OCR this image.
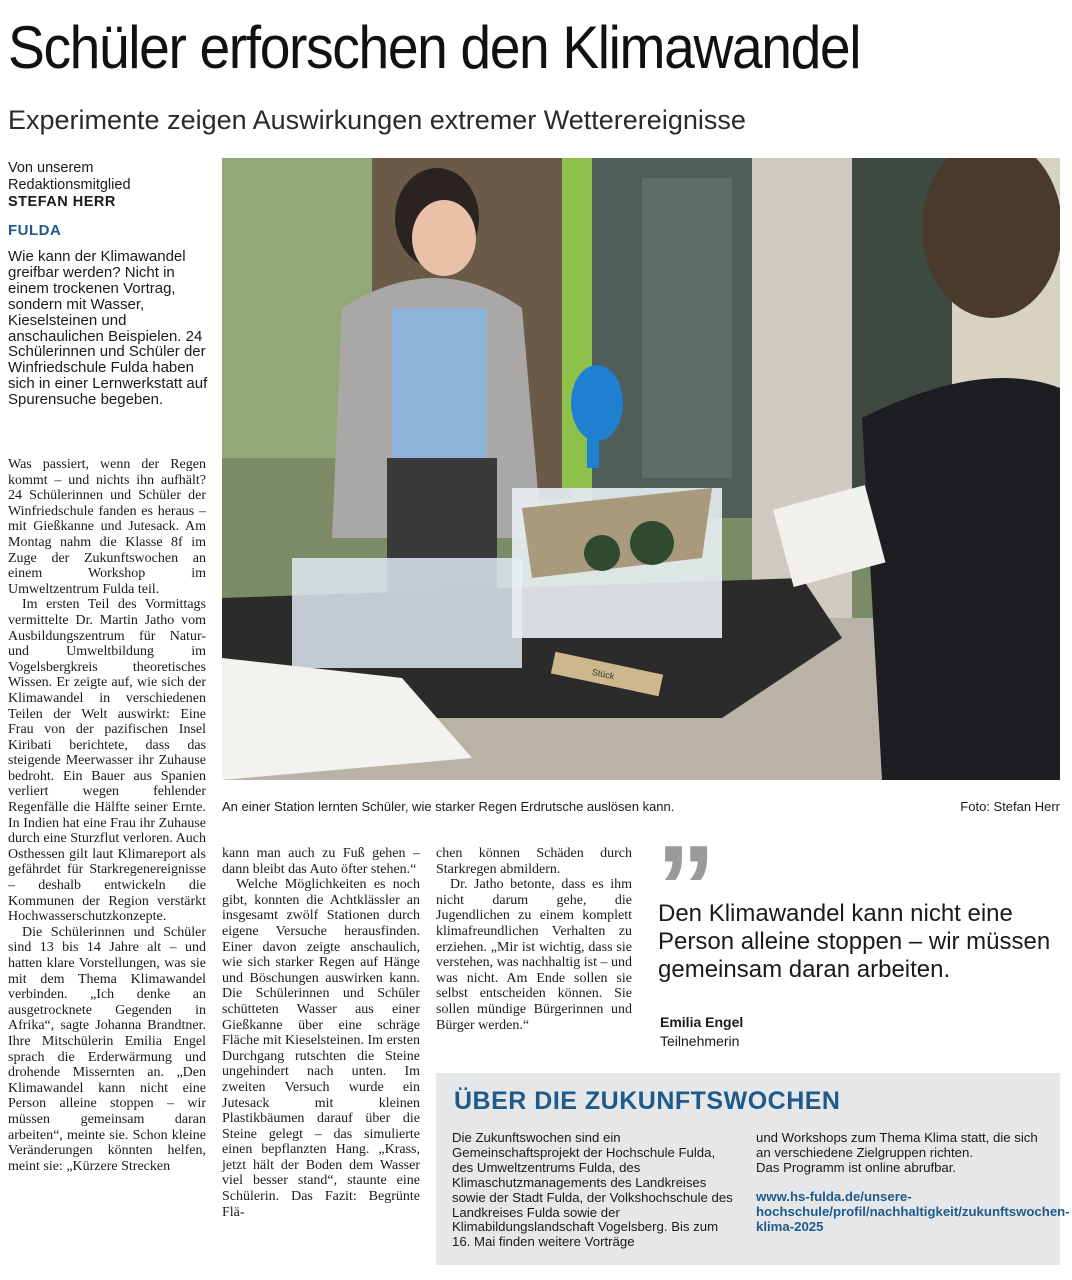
Schüler erforschen den Klimawandel
Experimente zeigen Auswirkungen extremer Wetterereignisse
Von unserem
Redaktionsmitglied
STEFAN HERR
FULDA

Wie kann der Klimawandel greifbar werden? Nicht in einem trockenen Vortrag, sondern mit Wasser, Kieselsteinen und anschaulichen Beispielen. 24 Schülerinnen und Schüler der Winfriedschule Fulda haben sich in einer Lernwerkstatt auf Spurensuche begeben.

Was passiert, wenn der Regen kommt – und nichts ihn aufhält? 24 Schülerinnen und Schüler der Winfriedschule fanden es heraus – mit Gießkanne und Jutesack. Am Montag nahm die Klasse 8f im Zuge der Zukunftswochen an einem Workshop im Umweltzentrum Fulda teil.

Im ersten Teil des Vormittags vermittelte Dr. Martin Jatho vom Ausbildungszentrum für Natur- und Umweltbildung im Vogelsbergkreis theoretisches Wissen. Er zeigte auf, wie sich der Klimawandel in verschiedenen Teilen der Welt auswirkt: Eine Frau von der pazifischen Insel Kiribati berichtete, dass das steigende Meerwasser ihr Zuhause bedroht. Ein Bauer aus Spanien verliert wegen fehlender Regenfälle die Hälfte seiner Ernte. In Indien hat eine Frau ihr Zuhause durch eine Sturzflut verloren. Auch Osthessen gilt laut Klimareport als gefährdet für Starkregenereignisse – deshalb entwickeln die Kommunen der Region verstärkt Hochwasserschutzkonzepte.

Die Schülerinnen und Schüler sind 13 bis 14 Jahre alt – und hatten klare Vorstellungen, was sie mit dem Thema Klimawandel verbinden. „Ich denke an ausgetrocknete Gegenden in Afrika“, sagte Johanna Brandtner. Ihre Mitschülerin Emilia Engel sprach die Erderwärmung und drohende Missernten an. „Den Klimawandel kann nicht eine Person alleine stoppen – wir müssen gemeinsam daran arbeiten“, meinte sie. Schon kleine Veränderungen könnten helfen, meint sie: „Kürzere Strecken

Stück
An einer Station lernten Schüler, wie starker Regen Erdrutsche auslösen kann.	Foto: Stefan Herr

kann man auch zu Fuß gehen – dann bleibt das Auto öfter stehen.“

Welche Möglichkeiten es noch gibt, konnten die Achtklässler an insgesamt zwölf Stationen durch eigene Versuche herausfinden. Einer davon zeigte anschaulich, wie sich starker Regen auf Hänge und Böschungen auswirken kann. Die Schülerinnen und Schüler schütteten Wasser aus einer Gießkanne über eine schräge Fläche mit Kieselsteinen. Im ersten Durchgang rutschten die Steine ungehindert nach unten. Im zweiten Versuch wurde ein Jutesack mit kleinen Plastikbäumen darauf über die Steine gelegt – das simulierte einen bepflanzten Hang. „Krass, jetzt hält der Boden dem Wasser viel besser stand“, staunte eine Schülerin. Das Fazit: Begrünte Flä-

chen können Schäden durch Starkregen abmildern.

Dr. Jatho betonte, dass es ihm nicht darum gehe, die Jugendlichen zu einem komplett klimafreundlichen Verhalten zu erziehen. „Mir ist wichtig, dass sie verstehen, was nachhaltig ist – und was nicht. Am Ende sollen sie selbst entscheiden können. Sie sollen mündige Bürgerinnen und Bürger werden.“

”
Den Klimawandel kann nicht eine Person alleine stoppen – wir müssen gemeinsam daran arbeiten.
Emilia Engel
Teilnehmerin
ÜBER DIE ZUKUNFTSWOCHEN

Die Zukunftswochen sind ein Gemeinschaftsprojekt der Hochschule Fulda, des Umweltzentrums Fulda, des Klimaschutzmanagements des Landkreises sowie der Stadt Fulda, der Volkshochschule des Landkreises Fulda sowie der Klimabildungslandschaft Vogelsberg. Bis zum 16. Mai finden weitere Vorträge

und Workshops zum Thema Klima statt, die sich an verschiedene Zielgruppen richten.

Das Programm ist online abrufbar.

www.hs-fulda.de/unsere-hochschule/profil/nachhaltigkeit/zukunftswochen-klima-2025
